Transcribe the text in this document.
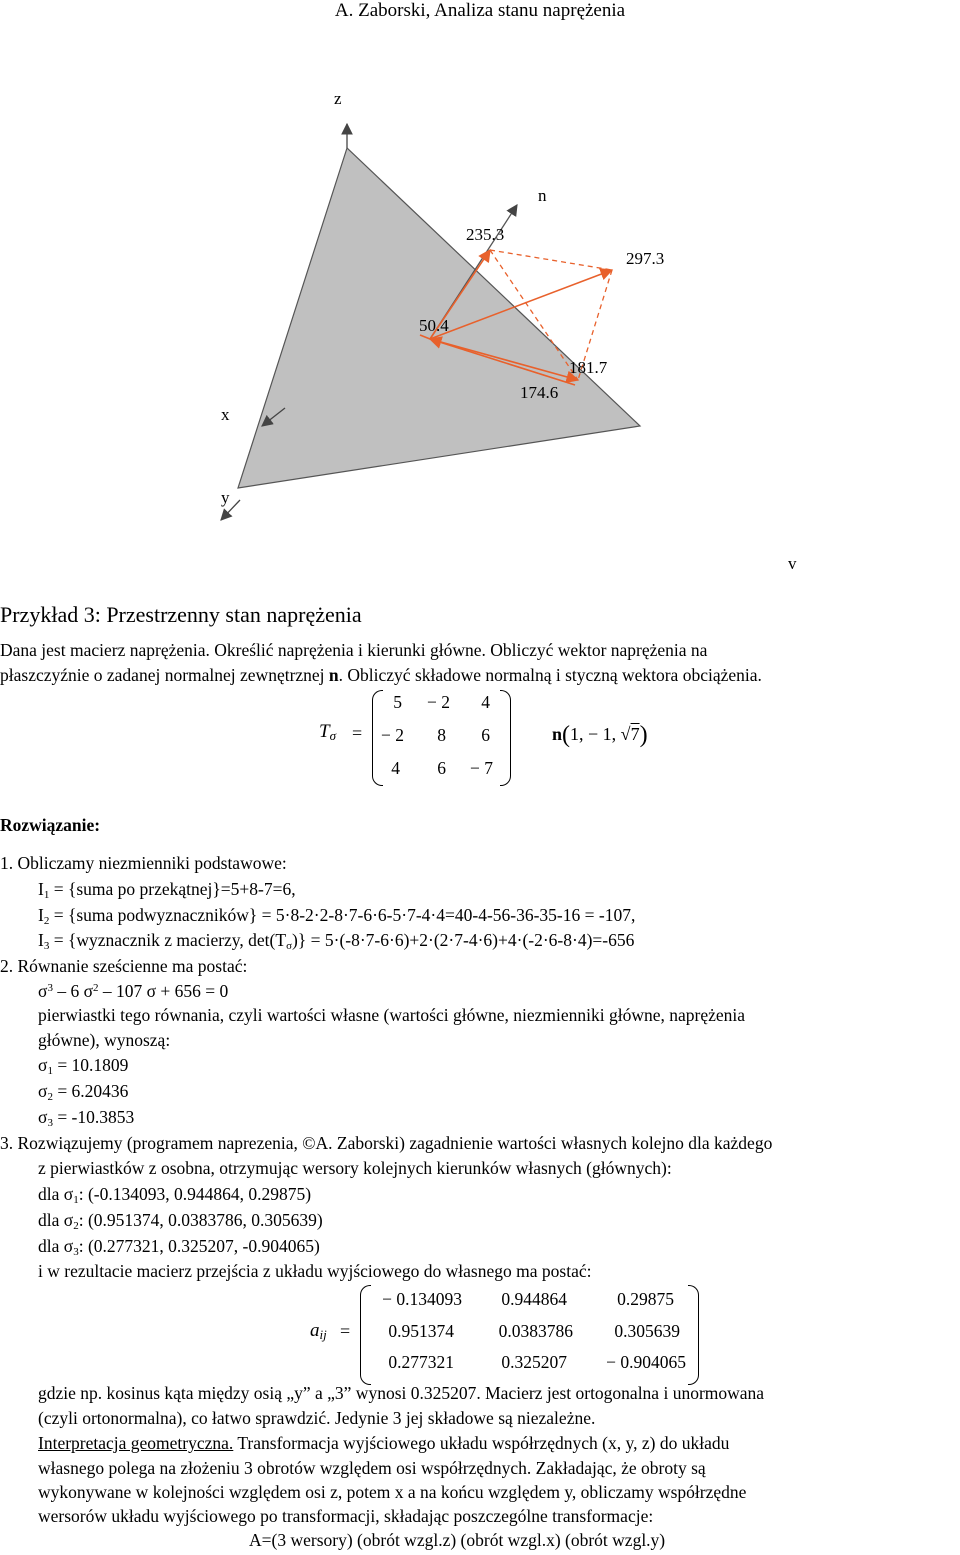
A. Zaborski, Analiza stanu naprężenia
z
n
235.3
297.3
50.4
181.7
174.6
x
y
v
Przykład 3: Przestrzenny stan naprężenia
Dana jest macierz naprężenia. Określić naprężenia i kierunki główne. Obliczyć wektor naprężenia na
płaszczyźnie o zadanej normalnej zewnętrznej n. Obliczyć składowe normalną i styczną wektora obciążenia.
$T_\sigma$ =
5	− 2	4
− 2	8	6
4	6	− 7
n(1, − 1, √7)
Rozwiązanie:
1. Obliczamy niezmienniki podstawowe:
$I_1$ = {suma po przekątnej}=5+8-7=6,
$I_2$ = {suma podwyznaczników} = 5·8-2·2-8·7-6·6-5·7-4·4=40-4-56-36-35-16 = -107,
$I_3$ = {wyznacznik z macierzy, $\det(T_\sigma)\} = 5\cdot(-8\cdot 7-6\cdot 6)+2\cdot(2\cdot 7-4\cdot 6)+4\cdot(-2\cdot 6-8\cdot 4)=-656$
2. Równanie sześcienne ma postać:
$\sigma^3 - 6$ $\sigma^2 - 107$ σ + 656 = 0
pierwiastki tego równania, czyli wartości własne (wartości główne, niezmienniki główne, naprężenia
główne), wynoszą:
$\sigma_1 = 10.1809$
$\sigma_2 = 6.20436$
$\sigma_3 = -10.3853$
3. Rozwiązujemy (programem naprezenia, ©A. Zaborski) zagadnienie wartości własnych kolejno dla każdego
z pierwiastków z osobna, otrzymując wersory kolejnych kierunków własnych (głównych):
dla $\sigma_1$: (-0.134093, 0.944864, 0.29875)
dla $\sigma_2$: (0.951374, 0.0383786, 0.305639)
dla $\sigma_3$: (0.277321, 0.325207, -0.904065)
i w rezultacie macierz przejścia z układu wyjściowego do własnego ma postać:
$a_{ij}$ =
− 0.134093	0.944864	0.29875
0.951374	0.0383786	0.305639
0.277321	0.325207	− 0.904065
gdzie np. kosinus kąta między osią „y” a „3” wynosi 0.325207. Macierz jest ortogonalna i unormowana
(czyli ortonormalna), co łatwo sprawdzić. Jedynie 3 jej składowe są niezależne.
Interpretacja geometryczna. Transformacja wyjściowego układu współrzędnych (x, y, z) do układu
własnego polega na złożeniu 3 obrotów względem osi współrzędnych. Zakładając, że obroty są
wykonywane w kolejności względem osi z, potem x a na końcu względem y, obliczamy współrzędne
wersorów układu wyjściowego po transformacji, składając poszczególne transformacje:
A=(3 wersory) (obrót wzgl.z) (obrót wzgl.x) (obrót wzgl.y)
